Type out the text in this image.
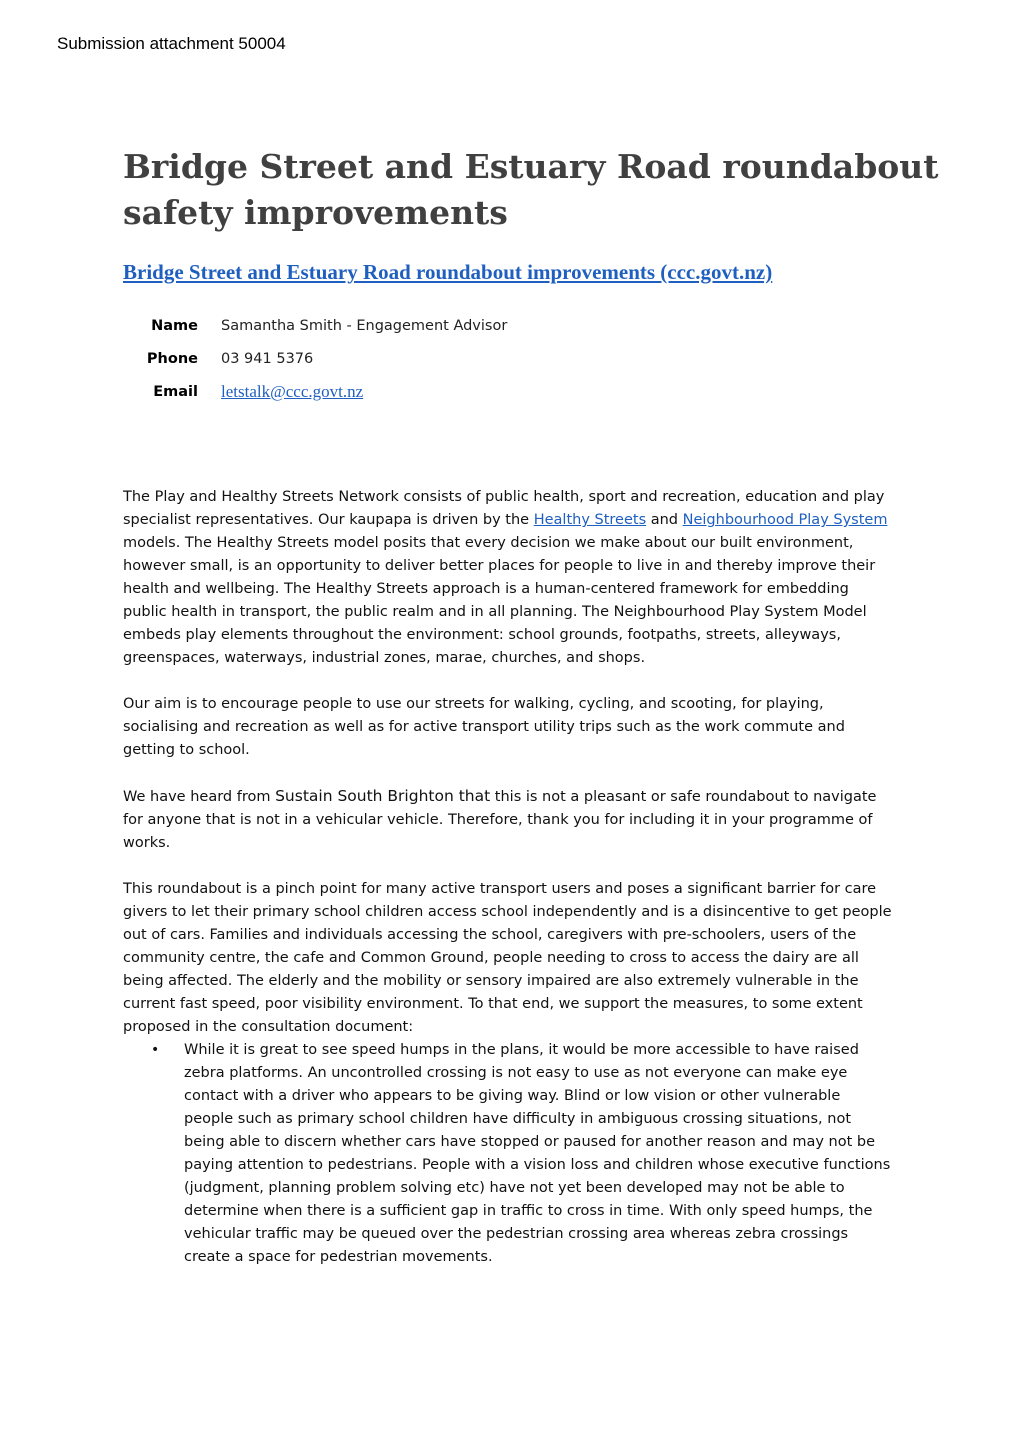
Submission attachment 50004
Bridge Street and Estuary Road roundabout safety improvements
Bridge Street and Estuary Road roundabout improvements (ccc.govt.nz)
Name	Samantha Smith - Engagement Advisor
Phone	03 941 5376
Email	letstalk@ccc.govt.nz

The Play and Healthy Streets Network consists of public health, sport and recreation, education and play specialist representatives. Our kaupapa is driven by the Healthy Streets and Neighbourhood Play System models. The Healthy Streets model posits that every decision we make about our built environment, however small, is an opportunity to deliver better places for people to live in and thereby improve their health and wellbeing. The Healthy Streets approach is a human-centered framework for embedding public health in transport, the public realm and in all planning. The Neighbourhood Play System Model embeds play elements throughout the environment: school grounds, footpaths, streets, alleyways, greenspaces, waterways, industrial zones, marae, churches, and shops.

Our aim is to encourage people to use our streets for walking, cycling, and scooting, for playing, socialising and recreation as well as for active transport utility trips such as the work commute and getting to school.

We have heard from Sustain South Brighton that this is not a pleasant or safe roundabout to navigate for anyone that is not in a vehicular vehicle. Therefore, thank you for including it in your programme of works.

This roundabout is a pinch point for many active transport users and poses a significant barrier for care givers to let their primary school children access school independently and is a disincentive to get people out of cars. Families and individuals accessing the school, caregivers with pre-schoolers, users of the community centre, the cafe and Common Ground, people needing to cross to access the dairy are all being affected. The elderly and the mobility or sensory impaired are also extremely vulnerable in the current fast speed, poor visibility environment. To that end, we support the measures, to some extent proposed in the consultation document:

• While it is great to see speed humps in the plans, it would be more accessible to have raised zebra platforms. An uncontrolled crossing is not easy to use as not everyone can make eye contact with a driver who appears to be giving way. Blind or low vision or other vulnerable people such as primary school children have difficulty in ambiguous crossing situations, not being able to discern whether cars have stopped or paused for another reason and may not be paying attention to pedestrians. People with a vision loss and children whose executive functions (judgment, planning problem solving etc) have not yet been developed may not be able to determine when there is a sufficient gap in traffic to cross in time. With only speed humps, the vehicular traffic may be queued over the pedestrian crossing area whereas zebra crossings create a space for pedestrian movements.
